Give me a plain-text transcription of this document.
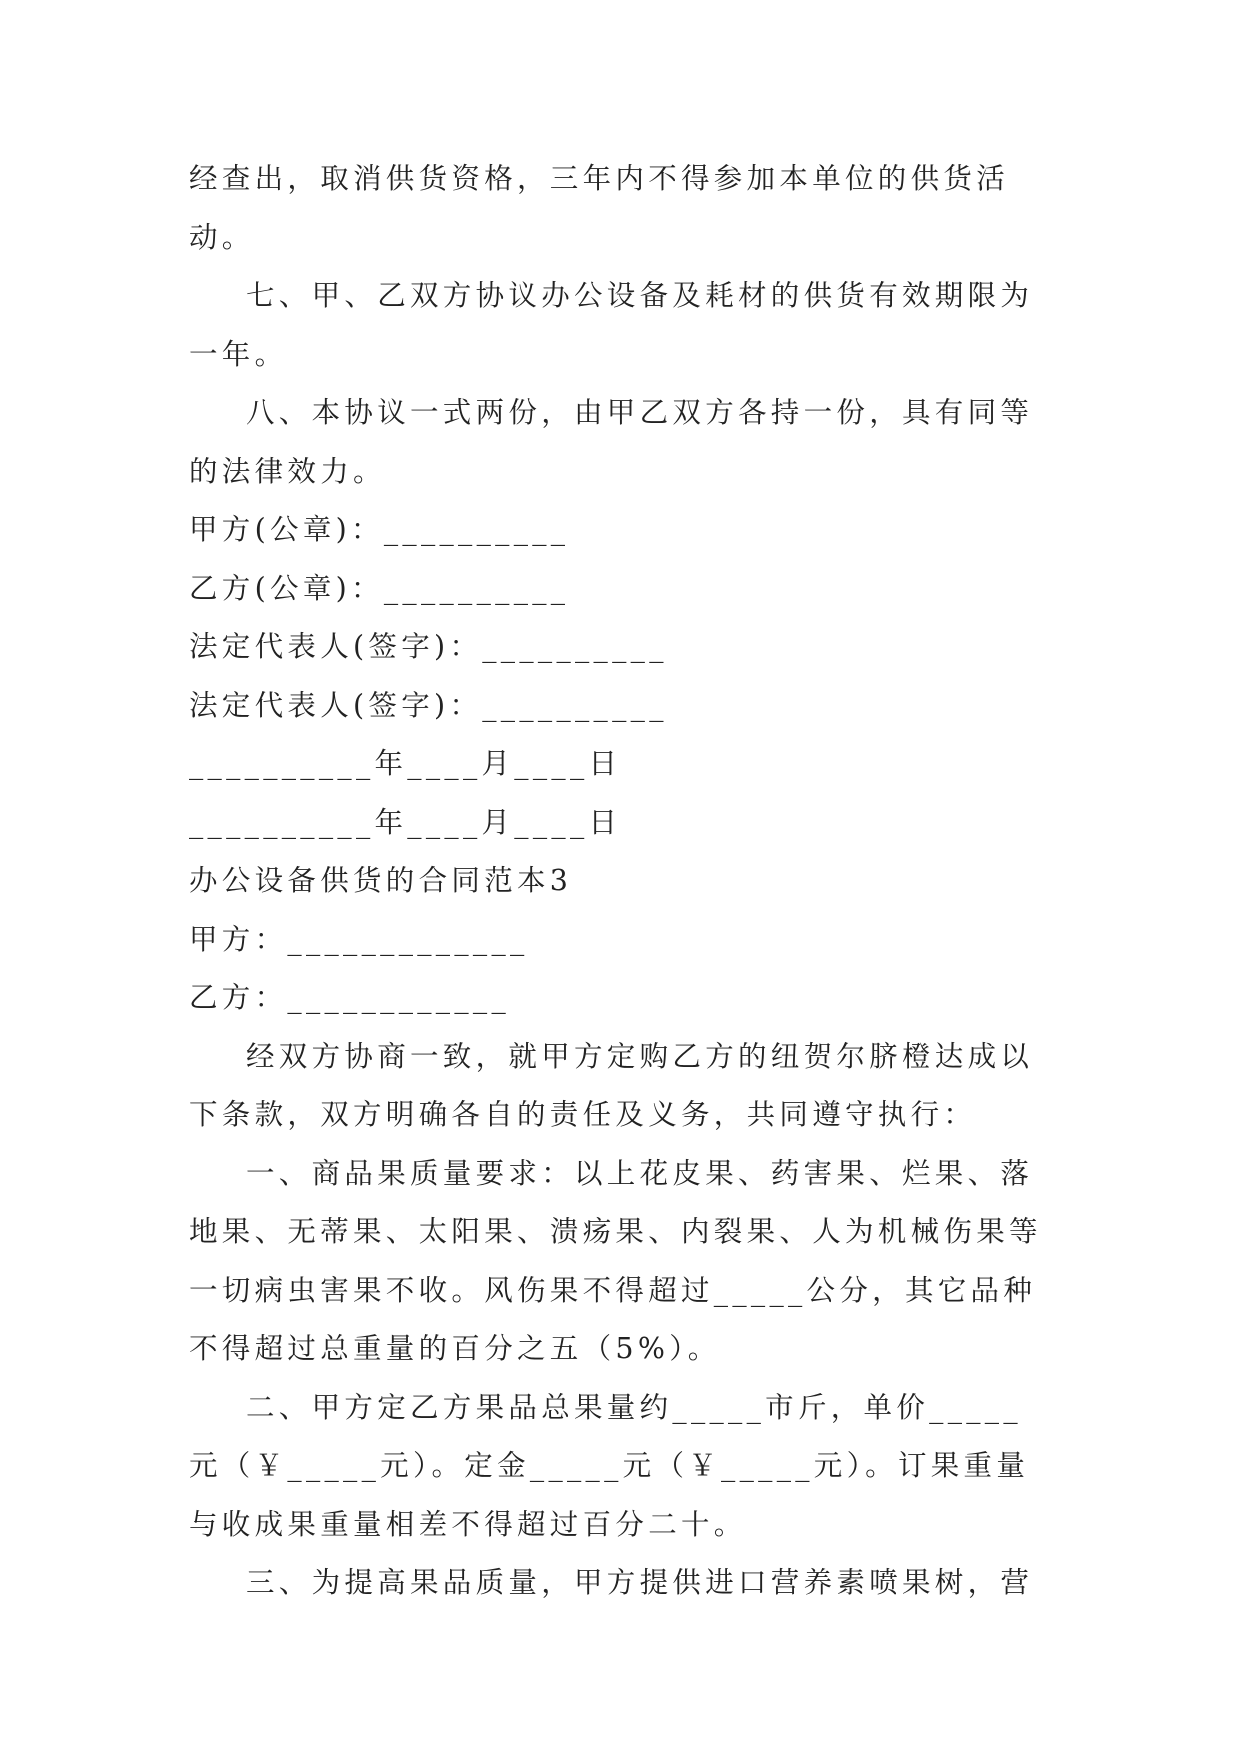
经查出，取消供货资格，三年内不得参加本单位的供货活动。

七、甲、乙双方协议办公设备及耗材的供货有效期限为一年。

八、本协议一式两份，由甲乙双方各持一份，具有同等的法律效力。

甲方(公章)：__________

乙方(公章)：__________

法定代表人(签字)：__________

法定代表人(签字)：__________

__________年____月____日

__________年____月____日

办公设备供货的合同范本3

甲方：_____________

乙方：____________

经双方协商一致，就甲方定购乙方的纽贺尔脐橙达成以下条款，双方明确各自的责任及义务，共同遵守执行：

一、商品果质量要求：以上花皮果、药害果、烂果、落地果、无蒂果、太阳果、溃疡果、内裂果、人为机械伤果等一切病虫害果不收。风伤果不得超过_____公分，其它品种不得超过总重量的百分之五（5%）。

二、甲方定乙方果品总果量约_____市斤，单价_____元（￥_____元）。定金_____元（￥_____元）。订果重量与收成果重量相差不得超过百分二十。

三、为提高果品质量，甲方提供进口营养素喷果树，营
